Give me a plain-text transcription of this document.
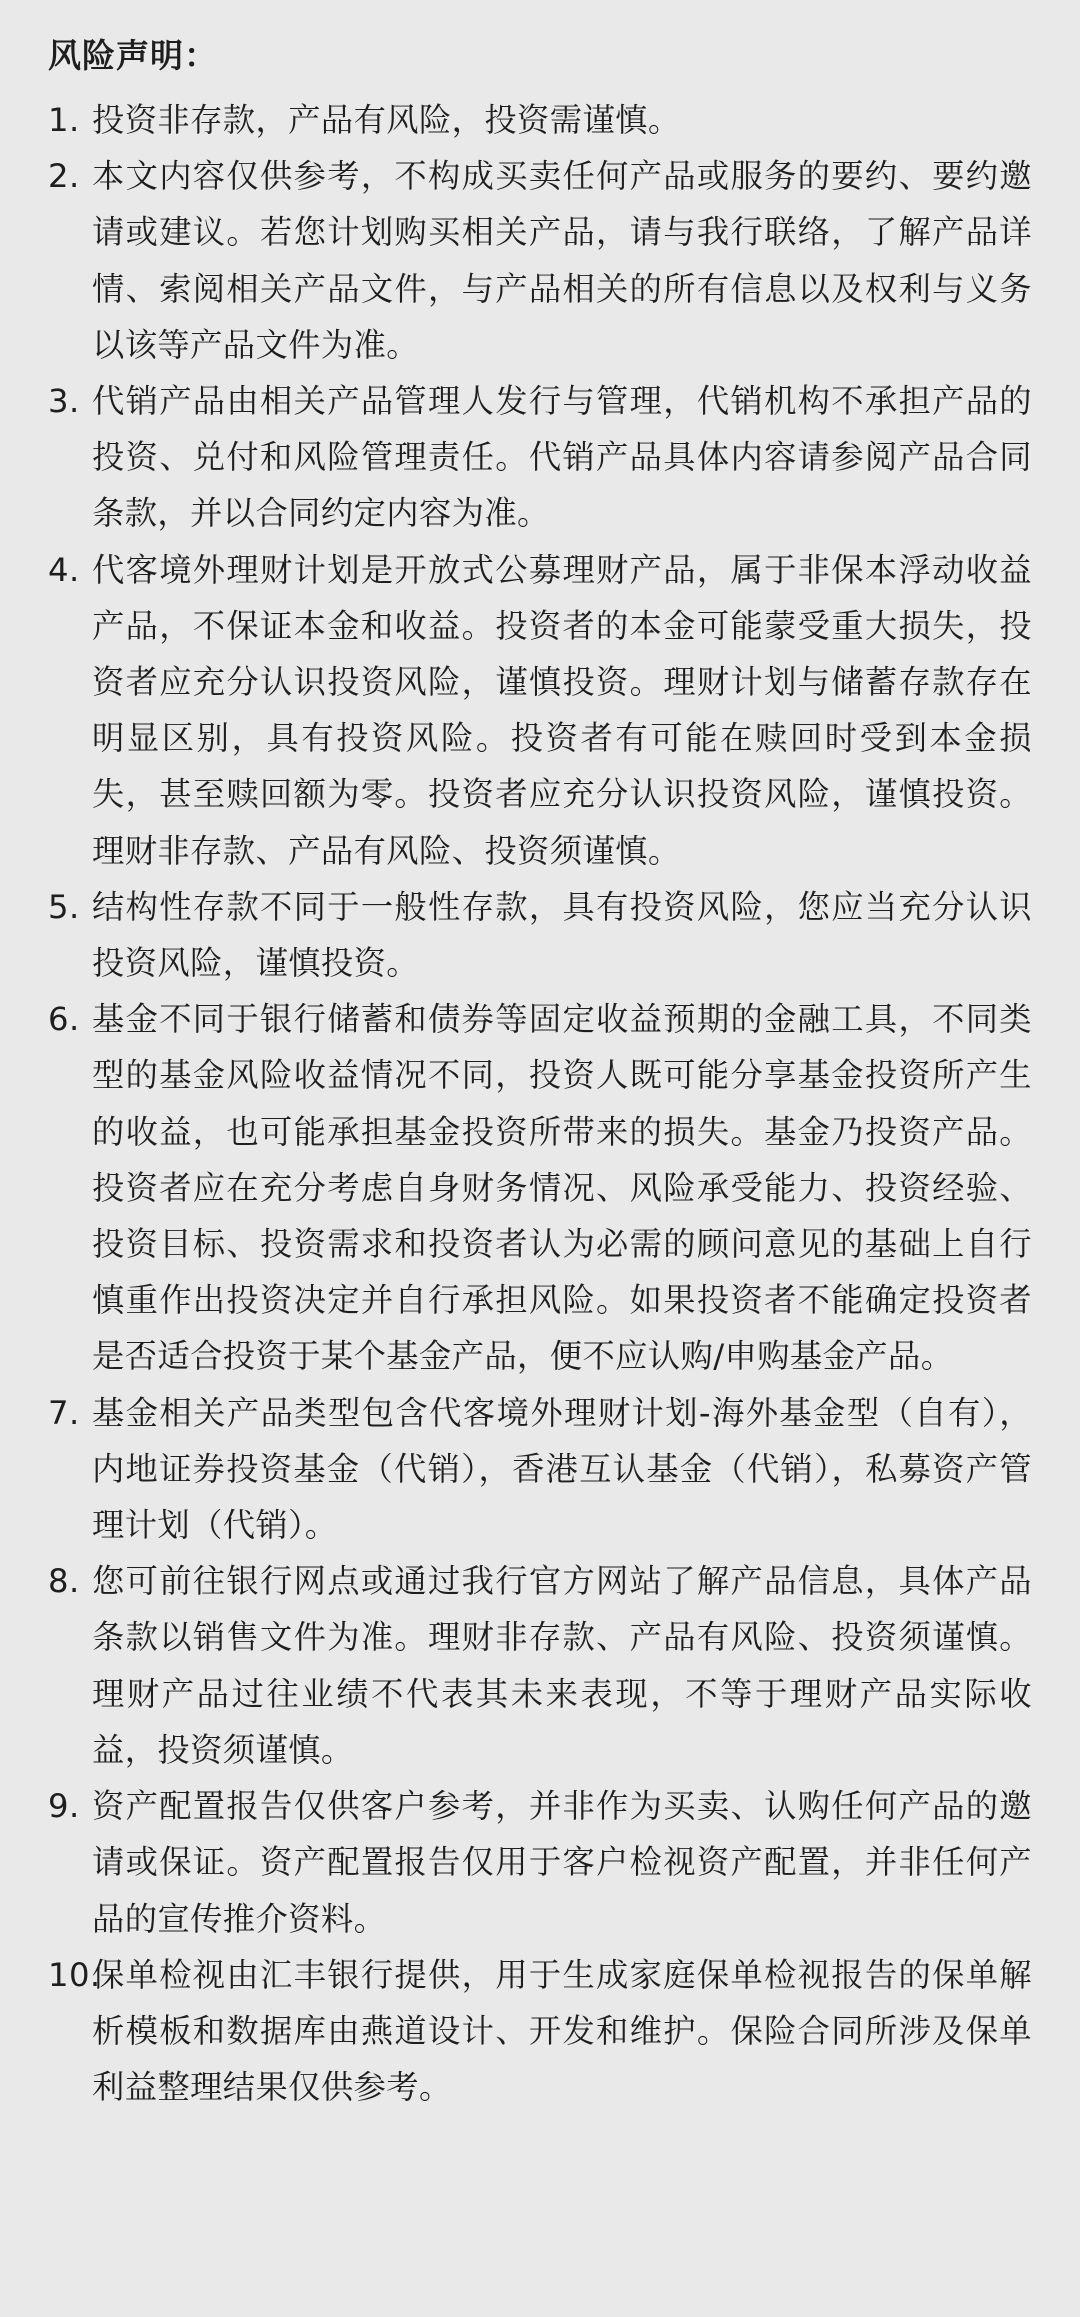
风险声明：
1. 投资非存款，产品有风险，投资需谨慎。
2. 本文内容仅供参考，不构成买卖任何产品或服务的要约、要约邀请或建议。若您计划购买相关产品，请与我行联络，了解产品详情、索阅相关产品文件，与产品相关的所有信息以及权利与义务以该等产品文件为准。
3. 代销产品由相关产品管理人发行与管理，代销机构不承担产品的投资、兑付和风险管理责任。代销产品具体内容请参阅产品合同条款，并以合同约定内容为准。
4. 代客境外理财计划是开放式公募理财产品，属于非保本浮动收益产品，不保证本金和收益。投资者的本金可能蒙受重大损失，投资者应充分认识投资风险，谨慎投资。理财计划与储蓄存款存在明显区别，具有投资风险。投资者有可能在赎回时受到本金损失，甚至赎回额为零。投资者应充分认识投资风险，谨慎投资。理财非存款、产品有风险、投资须谨慎。
5. 结构性存款不同于一般性存款，具有投资风险，您应当充分认识投资风险，谨慎投资。
6. 基金不同于银行储蓄和债券等固定收益预期的金融工具，不同类型的基金风险收益情况不同，投资人既可能分享基金投资所产生的收益，也可能承担基金投资所带来的损失。基金乃投资产品。投资者应在充分考虑自身财务情况、风险承受能力、投资经验、投资目标、投资需求和投资者认为必需的顾问意见的基础上自行慎重作出投资决定并自行承担风险。如果投资者不能确定投资者是否适合投资于某个基金产品，便不应认购/申购基金产品。
7. 基金相关产品类型包含代客境外理财计划-海外基金型（自有），内地证券投资基金（代销），香港互认基金（代销），私募资产管理计划（代销）。
8. 您可前往银行网点或通过我行官方网站了解产品信息，具体产品条款以销售文件为准。理财非存款、产品有风险、投资须谨慎。理财产品过往业绩不代表其未来表现，不等于理财产品实际收益，投资须谨慎。
9. 资产配置报告仅供客户参考，并非作为买卖、认购任何产品的邀请或保证。资产配置报告仅用于客户检视资产配置，并非任何产品的宣传推介资料。
10.
保单检视由汇丰银行提供，用于生成家庭保单检视报告的保单解析模板和数据库由燕道设计、开发和维护。保险合同所涉及保单利益整理结果仅供参考。
